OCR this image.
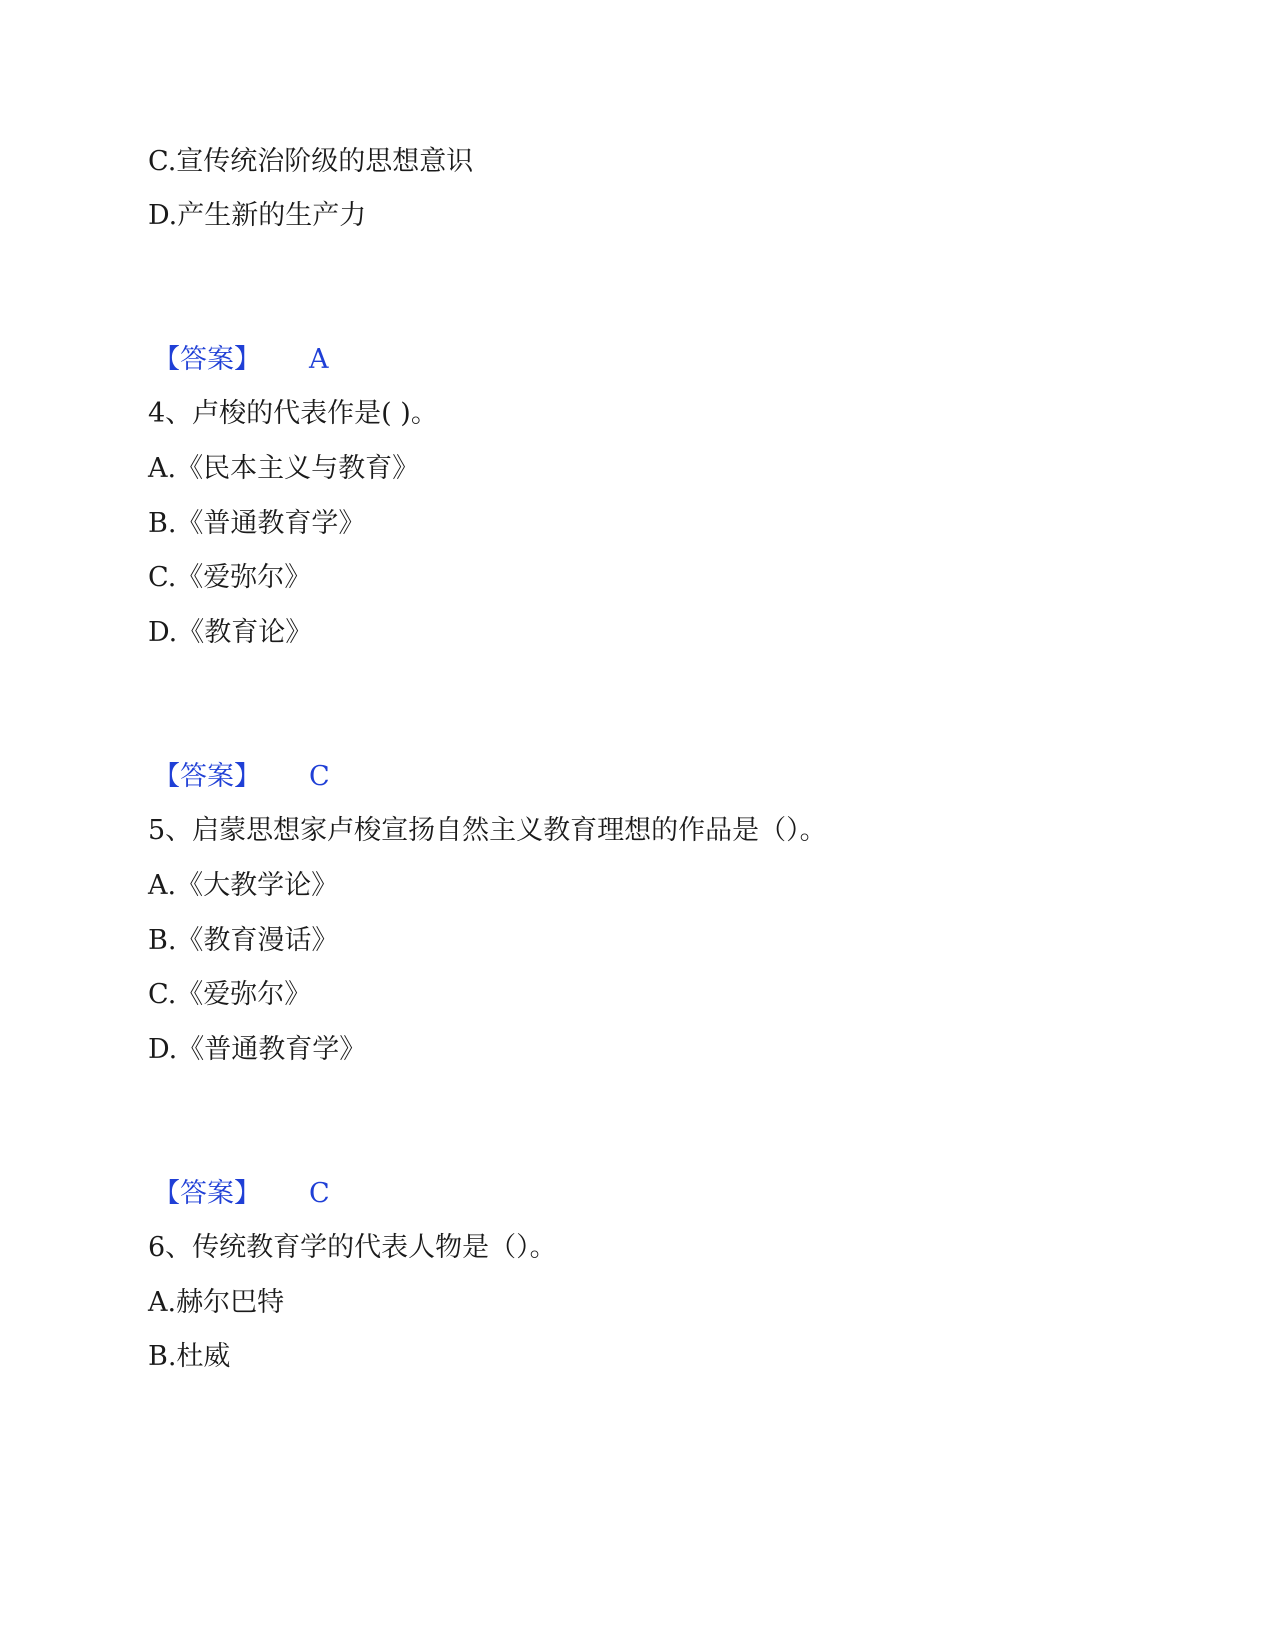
C.宣传统治阶级的思想意识
D.产生新的生产力
【答案】 A
4、卢梭的代表作是( )。
A.《民本主义与教育》
B.《普通教育学》
C.《爱弥尔》
D.《教育论》
【答案】 C
5、启蒙思想家卢梭宣扬自然主义教育理想的作品是（）。
A.《大教学论》
B.《教育漫话》
C.《爱弥尔》
D.《普通教育学》
【答案】 C
6、传统教育学的代表人物是（）。
A.赫尔巴特
B.杜威
